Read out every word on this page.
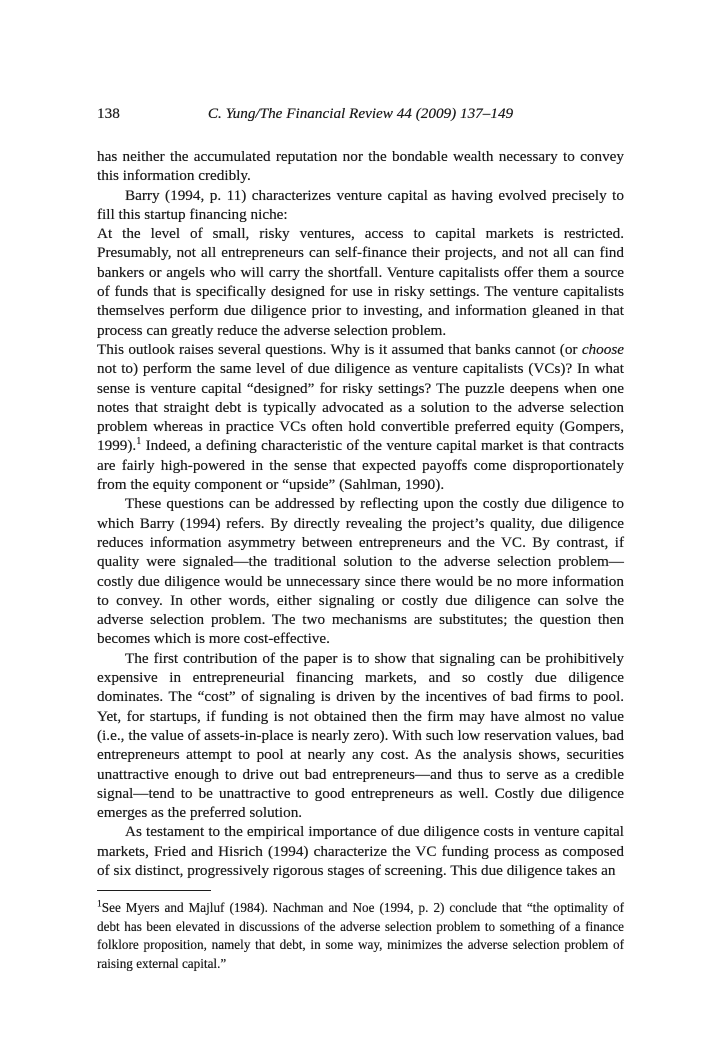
138	C. Yung/The Financial Review 44 (2009) 137–149

has neither the accumulated reputation nor the bondable wealth necessary to convey this information credibly.

Barry (1994, p. 11) characterizes venture capital as having evolved precisely to fill this startup financing niche:

At the level of small, risky ventures, access to capital markets is restricted. Presumably, not all entrepreneurs can self-finance their projects, and not all can find bankers or angels who will carry the shortfall. Venture capitalists offer them a source of funds that is specifically designed for use in risky settings. The venture capitalists themselves perform due diligence prior to investing, and information gleaned in that process can greatly reduce the adverse selection problem.

This outlook raises several questions. Why is it assumed that banks cannot (or choose not to) perform the same level of due diligence as venture capitalists (VCs)? In what sense is venture capital “designed” for risky settings? The puzzle deepens when one notes that straight debt is typically advocated as a solution to the adverse selection problem whereas in practice VCs often hold convertible preferred equity (Gompers, 1999).$^1$ Indeed, a defining characteristic of the venture capital market is that contracts are fairly high-powered in the sense that expected payoffs come disproportionately from the equity component or “upside” (Sahlman, 1990).

These questions can be addressed by reflecting upon the costly due diligence to which Barry (1994) refers. By directly revealing the project’s quality, due diligence reduces information asymmetry between entrepreneurs and the VC. By contrast, if quality were signaled—the traditional solution to the adverse selection problem—costly due diligence would be unnecessary since there would be no more information to convey. In other words, either signaling or costly due diligence can solve the adverse selection problem. The two mechanisms are substitutes; the question then becomes which is more cost-effective.

The first contribution of the paper is to show that signaling can be prohibitively expensive in entrepreneurial financing markets, and so costly due diligence dominates. The “cost” of signaling is driven by the incentives of bad firms to pool. Yet, for startups, if funding is not obtained then the firm may have almost no value (i.e., the value of assets-in-place is nearly zero). With such low reservation values, bad entrepreneurs attempt to pool at nearly any cost. As the analysis shows, securities unattractive enough to drive out bad entrepreneurs—and thus to serve as a credible signal—tend to be unattractive to good entrepreneurs as well. Costly due diligence emerges as the preferred solution.

As testament to the empirical importance of due diligence costs in venture capital markets, Fried and Hisrich (1994) characterize the VC funding process as composed of six distinct, progressively rigorous stages of screening. This due diligence takes an

$^1$See Myers and Majluf (1984). Nachman and Noe (1994, p. 2) conclude that “the optimality of debt has been elevated in discussions of the adverse selection problem to something of a finance folklore proposition, namely that debt, in some way, minimizes the adverse selection problem of raising external capital.”
